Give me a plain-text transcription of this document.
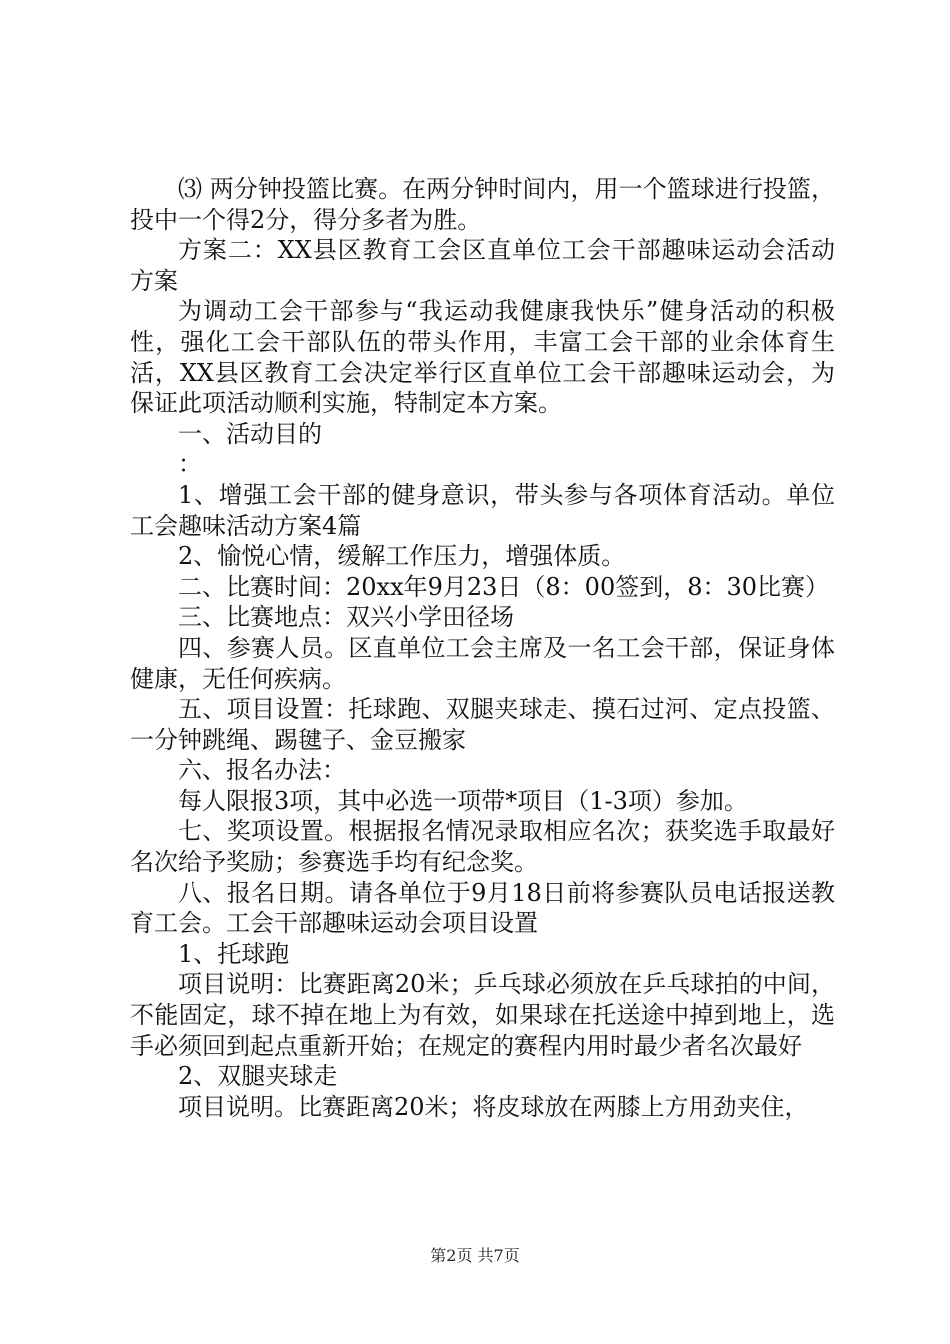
⑶ 两分钟投篮比赛。在两分钟时间内，用一个篮球进行投篮，投中一个得2分，得分多者为胜。

方案二：XX县区教育工会区直单位工会干部趣味运动会活动方案

为调动工会干部参与“我运动我健康我快乐”健身活动的积极性，强化工会干部队伍的带头作用，丰富工会干部的业余体育生活，XX县区教育工会决定举行区直单位工会干部趣味运动会，为保证此项活动顺利实施，特制定本方案。

一、活动目的

：

1、增强工会干部的健身意识，带头参与各项体育活动。单位工会趣味活动方案4篇

2、愉悦心情，缓解工作压力，增强体质。

二、比赛时间：20xx年9月23日（8：00签到，8：30比赛）

三、比赛地点：双兴小学田径场

四、参赛人员。区直单位工会主席及一名工会干部，保证身体健康，无任何疾病。

五、项目设置：托球跑、双腿夹球走、摸石过河、定点投篮、一分钟跳绳、踢毽子、金豆搬家

六、报名办法：

每人限报3项，其中必选一项带*项目（1-3项）参加。

七、奖项设置。根据报名情况录取相应名次；获奖选手取最好名次给予奖励；参赛选手均有纪念奖。

八、报名日期。请各单位于9月18日前将参赛队员电话报送教育工会。工会干部趣味运动会项目设置

1、托球跑

项目说明：比赛距离20米；乒乓球必须放在乒乓球拍的中间，不能固定，球不掉在地上为有效，如果球在托送途中掉到地上，选手必须回到起点重新开始；在规定的赛程内用时最少者名次最好

2、双腿夹球走

项目说明。比赛距离20米；将皮球放在两膝上方用劲夹住，

第2页 共7页
